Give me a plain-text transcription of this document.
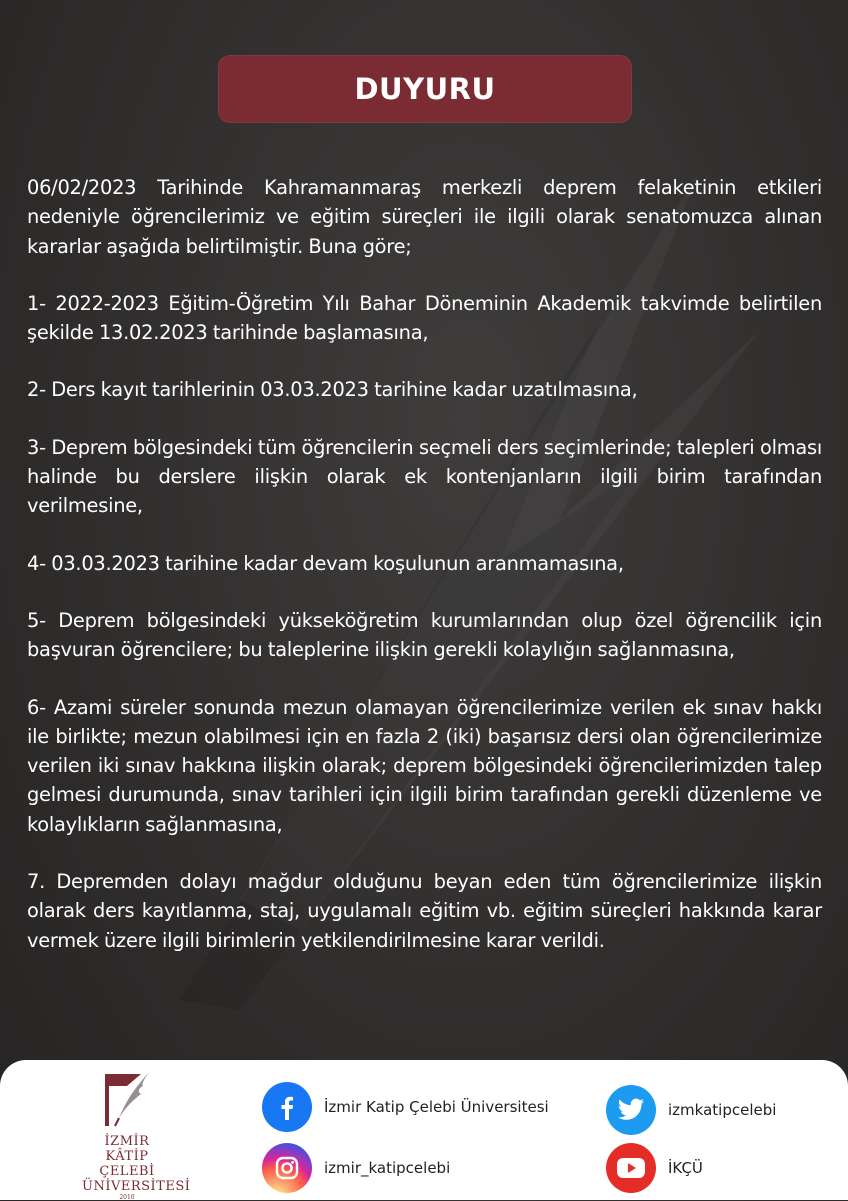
DUYURU

06/02/2023 Tarihinde Kahramanmaraş merkezli deprem felaketinin etkileri nedeniyle öğrencilerimiz ve eğitim süreçleri ile ilgili olarak senatomuzca alınan kararlar aşağıda belirtilmiştir. Buna göre;

1- 2022-2023 Eğitim-Öğretim Yılı Bahar Döneminin Akademik takvimde belirtilen şekilde 13.02.2023 tarihinde başlamasına,

2- Ders kayıt tarihlerinin 03.03.2023 tarihine kadar uzatılmasına,

3- Deprem bölgesindeki tüm öğrencilerin seçmeli ders seçimlerinde; talepleri olması halinde bu derslere ilişkin olarak ek kontenjanların ilgili birim tarafından verilmesine,

4- 03.03.2023 tarihine kadar devam koşulunun aranmamasına,

5- Deprem bölgesindeki yükseköğretim kurumlarından olup özel öğrencilik için başvuran öğrencilere; bu taleplerine ilişkin gerekli kolaylığın sağlanmasına,

6- Azami süreler sonunda mezun olamayan öğrencilerimize verilen ek sınav hakkı ile birlikte; mezun olabilmesi için en fazla 2 (iki) başarısız dersi olan öğrencilerimize verilen iki sınav hakkına ilişkin olarak; deprem bölgesindeki öğrencilerimizden talep gelmesi durumunda, sınav tarihleri için ilgili birim tarafından gerekli düzenleme ve kolaylıkların sağlanmasına,

7. Depremden dolayı mağdur olduğunu beyan eden tüm öğrencilerimize ilişkin olarak ders kayıtlanma, staj, uygulamalı eğitim vb. eğitim süreçleri hakkında karar vermek üzere ilgili birimlerin yetkilendirilmesine karar verildi.

İZMİR
KÂTİP ÇELEBİ
ÜNİVERSİTESİ
2010
İzmir Katip Çelebi Üniversitesi	izmkatipcelebi
izmir_katipcelebi	İKÇÜ
